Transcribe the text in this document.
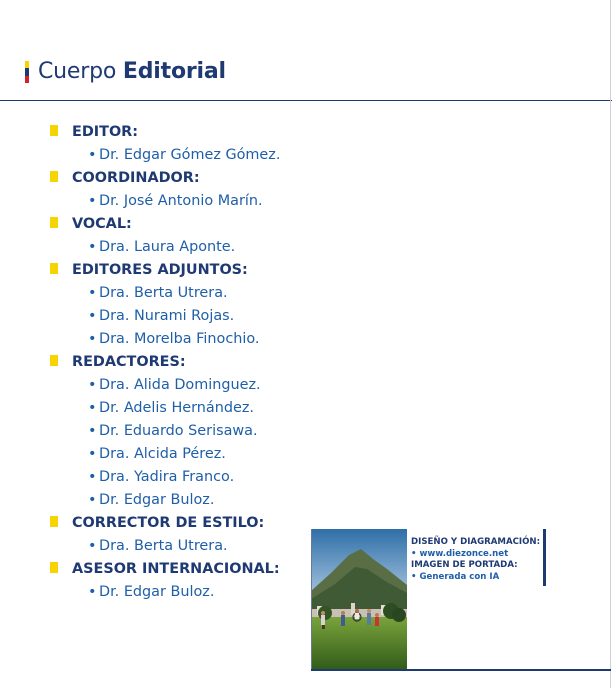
Cuerpo Editorial
EDITOR:
• Dr. Edgar Gómez Gómez.
COORDINADOR:
• Dr. José Antonio Marín.
VOCAL:
• Dra. Laura Aponte.
EDITORES ADJUNTOS:
• Dra. Berta Utrera.
• Dra. Nurami Rojas.
• Dra. Morelba Finochio.
REDACTORES:
• Dra. Alida Dominguez.
• Dr. Adelis Hernández.
• Dr. Eduardo Serisawa.
• Dra. Alcida Pérez.
• Dra. Yadira Franco.
• Dr. Edgar Buloz.
CORRECTOR DE ESTILO:
• Dra. Berta Utrera.
ASESOR INTERNACIONAL:
• Dr. Edgar Buloz.
DISEÑO Y DIAGRAMACIÓN:
• www.diezonce.net
IMAGEN DE PORTADA:
• Generada con IA
